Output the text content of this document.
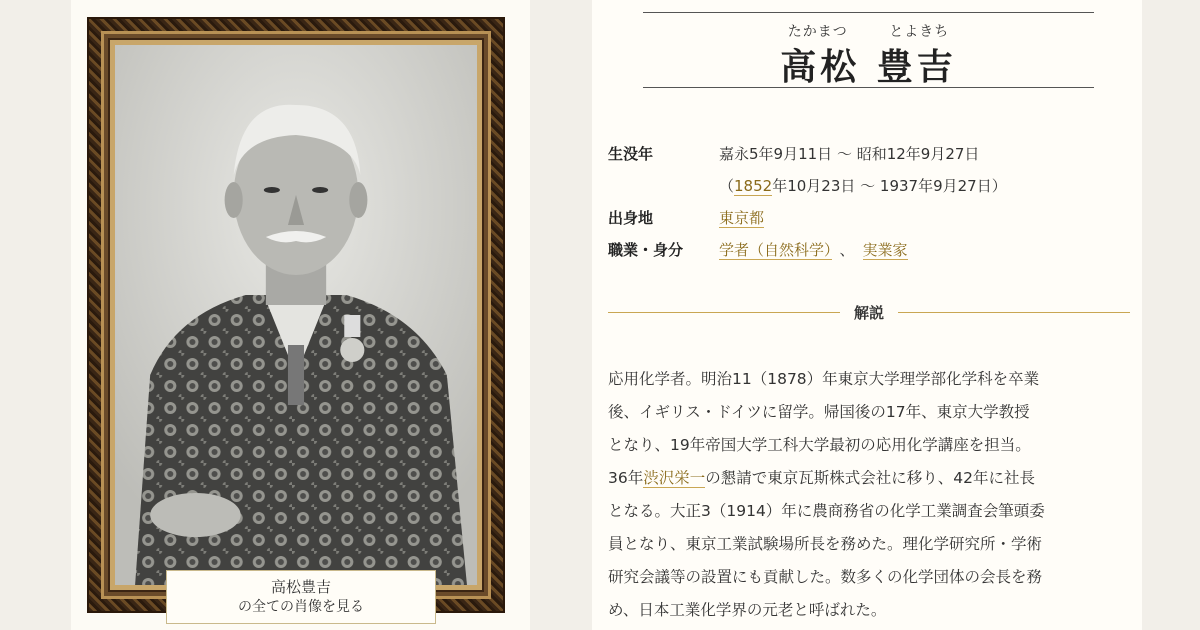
高松豊吉
の全ての肖像を見る
たかまつ	とよきち
高松 豊吉
生没年	嘉永5年9月11日 ～ 昭和12年9月27日
（1852年10月23日 ～ 1937年9月27日）
出身地	東京都
職業・身分	学者（自然科学） 、 実業家
解説
応用化学者。明治11（1878）年東京大学理学部化学科を卒業
後、イギリス・ドイツに留学。帰国後の17年、東京大学教授
となり、19年帝国大学工科大学最初の応用化学講座を担当。
36年渋沢栄一の懇請で東京瓦斯株式会社に移り、42年に社長
となる。大正3（1914）年に農商務省の化学工業調査会筆頭委
員となり、東京工業試験場所長を務めた。理化学研究所・学術
研究会議等の設置にも貢献した。数多くの化学団体の会長を務
め、日本工業化学界の元老と呼ばれた。
